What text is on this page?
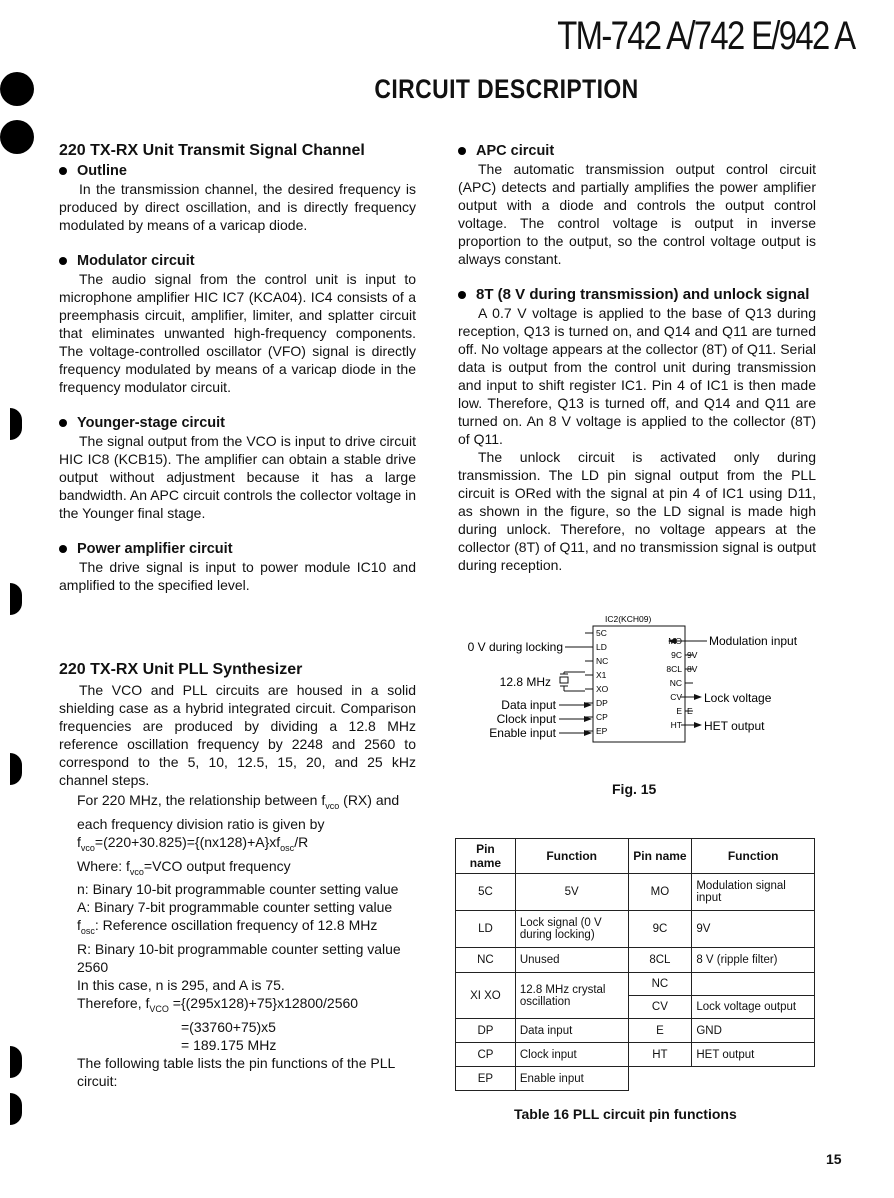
TM-742 A/742 E/942 A
CIRCUIT DESCRIPTION
220 TX-RX Unit Transmit Signal Channel

Outline

In the transmission channel, the desired frequency is produced by direct oscillation, and is directly frequency modulated by means of a varicap diode.

Modulator circuit

The audio signal from the control unit is input to microphone amplifier HIC IC7 (KCA04). IC4 consists of a preemphasis circuit, amplifier, limiter, and splatter circuit that eliminates unwanted high-frequency components. The voltage-controlled oscillator (VFO) signal is directly frequency modulated by means of a varicap diode in the frequency modulator circuit.

Younger-stage circuit

The signal output from the VCO is input to drive circuit HIC IC8 (KCB15). The amplifier can obtain a stable drive output without adjustment because it has a large bandwidth. An APC circuit controls the collector voltage in the Younger final stage.

Power amplifier circuit

The drive signal is input to power module IC10 and amplified to the specified level.

220 TX-RX Unit PLL Synthesizer

The VCO and PLL circuits are housed in a solid shielding case as a hybrid integrated circuit. Comparison frequencies are produced by dividing a 12.8 MHz reference oscillation frequency by 2248 and 2560 to correspond to the 5, 10, 12.5, 15, 20, and 25 kHz channel steps.

For 220 MHz, the relationship between $f_{vco}$ (RX) and each frequency division ratio is given by

$f_{vco}=(220+30.825)=\{(nx128)+A\}xf_{osc}/R$

Where: $f_{vco}=VCO$ output frequency

n: Binary 10-bit programmable counter setting value

A: Binary 7-bit programmable counter setting value

$f_{osc}$: Reference oscillation frequency of 12.8 MHz

R: Binary 10-bit programmable counter setting value

2560

In this case, n is 295, and A is 75.

Therefore, $f_{VCO} =\{(295x128)+75\}x12800/2560$

=(33760+75)x5

= 189.175 MHz

The following table lists the pin functions of the PLL circuit:

APC circuit

The automatic transmission output control circuit (APC) detects and partially amplifies the power amplifier output with a diode and controls the output control voltage. The control voltage is output in inverse proportion to the output, so the control voltage output is always constant.

8T (8 V during transmission) and unlock signal

A 0.7 V voltage is applied to the base of Q13 during reception, Q13 is turned on, and Q14 and Q11 are turned off. No voltage appears at the collector (8T) of Q11. Serial data is output from the control unit during transmission and input to shift register IC1. Pin 4 of IC1 is then made low. Therefore, Q13 is turned off, and Q14 and Q11 are turned on. An 8 V voltage is applied to the collector (8T) of Q11.

The unlock circuit is activated only during transmission. The LD pin signal output from the PLL circuit is ORed with the signal at pin 4 of IC1 using D11, as shown in the figure, so the LD signal is made high during unlock. Therefore, no voltage appears at the collector (8T) of Q11, and no transmission signal is output during reception.

IC2(KCH09)
5C
LD
NC
X1
XO
DP
CP
EP
MO
9C
8CL
NC
CV
E
HT
0 V during locking
12.8 MHz
Data input
Clock input
Enable input
Modulation input
9V
8V
E
Lock voltage
HET output
Fig. 15
Pin name	Function	Pin name	Function
5C	5V	MO	Modulation signal input
LD	Lock signal (0 V during locking)	9C	9V
NC	Unused	8CL	8 V (ripple filter)
XI XO	12.8 MHz crystal oscillation	NC	
		CV	Lock voltage output
DP	Data input	E	GND
CP	Clock input	HT	HET output
EP	Enable input		
Table 16 PLL circuit pin functions
15
